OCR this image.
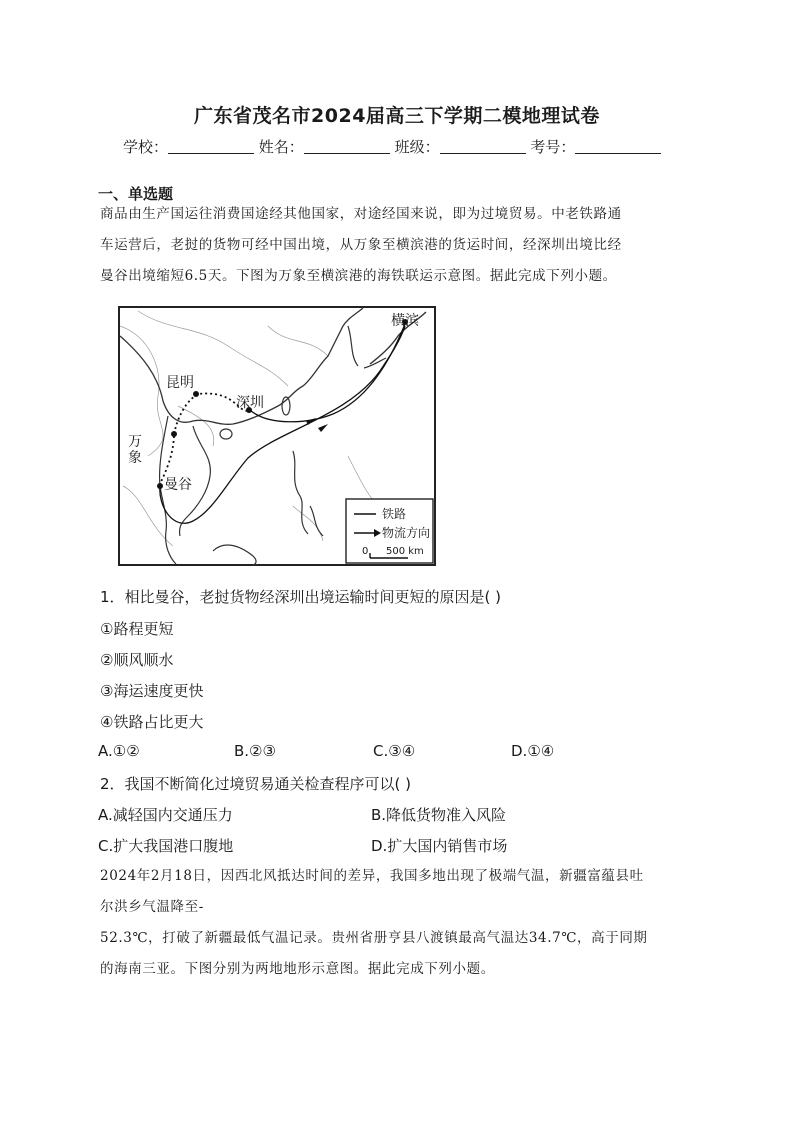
广东省茂名市2024届高三下学期二模地理试卷
学校：	姓名：	班级：	考号：
一、单选题
商品由生产国运往消费国途经其他国家，对途经国来说，即为过境贸易。中老铁路通
车运营后，老挝的货物可经中国出境，从万象至横滨港的货运时间，经深圳出境比经
曼谷出境缩短6.5天。下图为万象至横滨港的海铁联运示意图。据此完成下列小题。
横滨
昆明
深圳
万象
曼谷
铁路
物流方向
0 500 km
1．相比曼谷，老挝货物经深圳出境运输时间更短的原因是( )
①路程更短
②顺风顺水
③海运速度更快
④铁路占比更大
A.①②	B.②③	C.③④	D.①④
2．我国不断简化过境贸易通关检查程序可以( )
A.减轻国内交通压力	B.降低货物准入风险
C.扩大我国港口腹地	D.扩大国内销售市场
2024年2月18日，因西北风抵达时间的差异，我国多地出现了极端气温，新疆富蕴县吐
尔洪乡气温降至-
52.3℃，打破了新疆最低气温记录。贵州省册亨县八渡镇最高气温达34.7℃，高于同期
的海南三亚。下图分别为两地地形示意图。据此完成下列小题。
